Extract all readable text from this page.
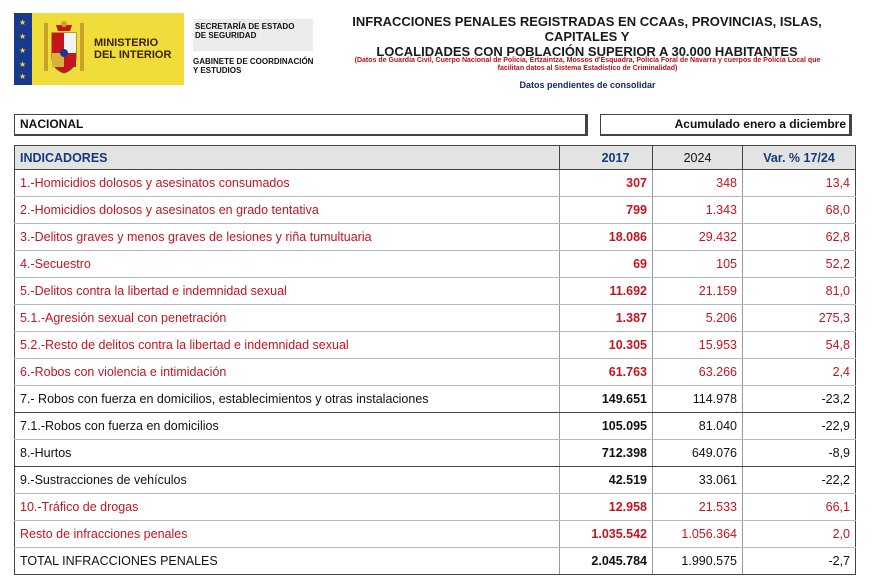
★
★
★
★
★
MINISTERIO
DEL INTERIOR
SECRETARÍA DE ESTADO
DE SEGURIDAD
GABINETE DE COORDINACIÓN
Y ESTUDIOS
INFRACCIONES PENALES REGISTRADAS EN CCAAs, PROVINCIAS, ISLAS, CAPITALES Y
LOCALIDADES CON POBLACIÓN SUPERIOR A 30.000 HABITANTES
(Datos de Guardia Civil, Cuerpo Nacional de Policía, Ertzaintza, Mossos d'Esquadra, Policía Foral de Navarra y cuerpos de Policía Local que
facilitan datos al Sistema Estadístico de Criminalidad)
Datos pendientes de consolidar
NACIONAL	Acumulado enero a diciembre
INDICADORES	2017	2024	Var. % 17/24
1.-Homicidios dolosos y asesinatos consumados	307	348	13,4
2.-Homicidios dolosos y asesinatos en grado tentativa	799	1.343	68,0
3.-Delitos graves y menos graves de lesiones y riña tumultuaria	18.086	29.432	62,8
4.-Secuestro	69	105	52,2
5.-Delitos contra la libertad e indemnidad sexual	11.692	21.159	81,0
5.1.-Agresión sexual con penetración	1.387	5.206	275,3
5.2.-Resto de delitos contra la libertad e indemnidad sexual	10.305	15.953	54,8
6.-Robos con violencia e intimidación	61.763	63.266	2,4
7.- Robos con fuerza en domicilios, establecimientos y otras instalaciones	149.651	114.978	-23,2
7.1.-Robos con fuerza en domicilios	105.095	81.040	-22,9
8.-Hurtos	712.398	649.076	-8,9
9.-Sustracciones de vehículos	42.519	33.061	-22,2
10.-Tráfico de drogas	12.958	21.533	66,1
Resto de infracciones penales	1.035.542	1.056.364	2,0
TOTAL INFRACCIONES PENALES	2.045.784	1.990.575	-2,7
